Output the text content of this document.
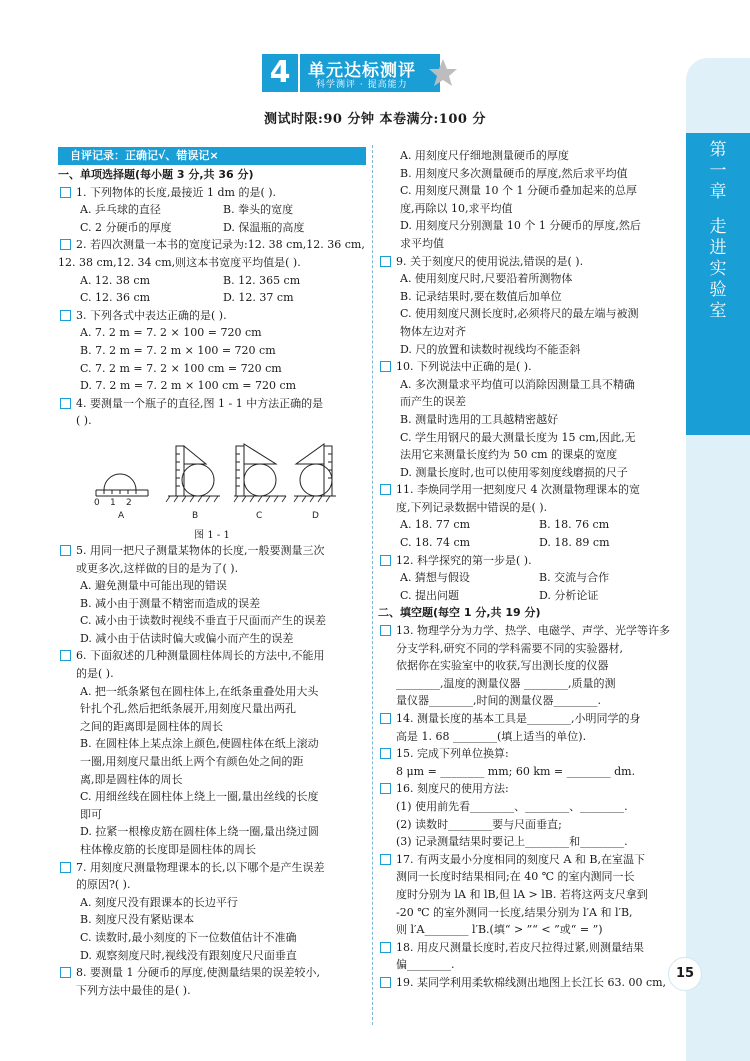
4	单元达标测评
科学测评 · 提高能力
测试时限:90 分钟 本卷满分:100 分
第
一
章
走
进
实
验
室
15
自评记录：正确记√、错误记×
一、单项选择题(每小题 3 分,共 36 分)
1. 下列物体的长度,最接近 1 dm 的是( ).
A. 乒乓球的直径	B. 拳头的宽度
C. 2 分硬币的厚度	D. 保温瓶的高度
2. 若四次测量一本书的宽度记录为:12. 38 cm,12. 36 cm,
12. 38 cm,12. 34 cm,则这本书宽度平均值是( ).
A. 12. 38 cm	B. 12. 365 cm
C. 12. 36 cm	D. 12. 37 cm
3. 下列各式中表达正确的是( ).
A. 7. 2 m = 7. 2 × 100 = 720 cm
B. 7. 2 m = 7. 2 m × 100 = 720 cm
C. 7. 2 m = 7. 2 × 100 cm = 720 cm
D. 7. 2 m = 7. 2 m × 100 cm = 720 cm
4. 要测量一个瓶子的直径,图 1 - 1 中方法正确的是
( ).
0 1 2
A	B	C	D
图 1 - 1
5. 用同一把尺子测量某物体的长度,一般要测量三次
或更多次,这样做的目的是为了( ).
A. 避免测量中可能出现的错误
B. 减小由于测量不精密而造成的误差
C. 减小由于读数时视线不垂直于尺面而产生的误差
D. 减小由于估读时偏大或偏小而产生的误差
6. 下面叙述的几种测量圆柱体周长的方法中,不能用
的是( ).
A. 把一纸条紧包在圆柱体上,在纸条重叠处用大头
针扎个孔,然后把纸条展开,用刻度尺量出两孔
之间的距离即是圆柱体的周长
B. 在圆柱体上某点涂上颜色,使圆柱体在纸上滚动
一圈,用刻度尺量出纸上两个有颜色处之间的距
离,即是圆柱体的周长
C. 用细丝线在圆柱体上绕上一圈,量出丝线的长度
即可
D. 拉紧一根橡皮筋在圆柱体上绕一圈,量出绕过圆
柱体橡皮筋的长度即是圆柱体的周长
7. 用刻度尺测量物理课本的长,以下哪个是产生误差
的原因?( ).
A. 刻度尺没有跟课本的长边平行
B. 刻度尺没有紧贴课本
C. 读数时,最小刻度的下一位数值估计不准确
D. 观察刻度尺时,视线没有跟刻度尺尺面垂直
8. 要测量 1 分硬币的厚度,使测量结果的误差较小,
下列方法中最佳的是( ).
A. 用刻度尺仔细地测量硬币的厚度
B. 用刻度尺多次测量硬币的厚度,然后求平均值
C. 用刻度尺测量 10 个 1 分硬币叠加起来的总厚
度,再除以 10,求平均值
D. 用刻度尺分别测量 10 个 1 分硬币的厚度,然后
求平均值
9. 关于刻度尺的使用说法,错误的是( ).
A. 使用刻度尺时,尺要沿着所测物体
B. 记录结果时,要在数值后加单位
C. 使用刻度尺测长度时,必须将尺的最左端与被测
物体左边对齐
D. 尺的放置和读数时视线均不能歪斜
10. 下列说法中正确的是( ).
A. 多次测量求平均值可以消除因测量工具不精确
而产生的误差
B. 测量时选用的工具越精密越好
C. 学生用钢尺的最大测量长度为 15 cm,因此,无
法用它来测量长度约为 50 cm 的课桌的宽度
D. 测量长度时,也可以使用零刻度线磨损的尺子
11. 李焕同学用一把刻度尺 4 次测量物理课本的宽
度,下列记录数据中错误的是( ).
A. 18. 77 cm	B. 18. 76 cm
C. 18. 74 cm	D. 18. 89 cm
12. 科学探究的第一步是( ).
A. 猜想与假设	B. 交流与合作
C. 提出问题	D. 分析论证
二、填空题(每空 1 分,共 19 分)
13. 物理学分为力学、热学、电磁学、声学、光学等许多
分支学科,研究不同的学科需要不同的实验器材,
依据你在实验室中的收获,写出测长度的仪器
________,温度的测量仪器 ________,质量的测
量仪器________,时间的测量仪器________.
14. 测量长度的基本工具是________,小明同学的身
高是 1. 68 ________(填上适当的单位).
15. 完成下列单位换算:
8 μm = ________ mm; 60 km = ________ dm.
16. 刻度尺的使用方法:
(1) 使用前先看________、________、________.
(2) 读数时________要与尺面垂直;
(3) 记录测量结果时要记上________和________.
17. 有两支最小分度相同的刻度尺 A 和 B,在室温下
测同一长度时结果相同;在 40 ℃ 的室内测同一长
度时分别为 lA 和 lB,但 lA > lB. 若将这两支尺拿到
-20 ℃ 的室外测同一长度,结果分别为 l′A 和 l′B,
则 l′A________ l′B.(填“ > ”“ < ”或“ = ”)
18. 用皮尺测量长度时,若皮尺拉得过紧,则测量结果
偏________.
19. 某同学利用柔软棉线测出地图上长江长 63. 00 cm,
